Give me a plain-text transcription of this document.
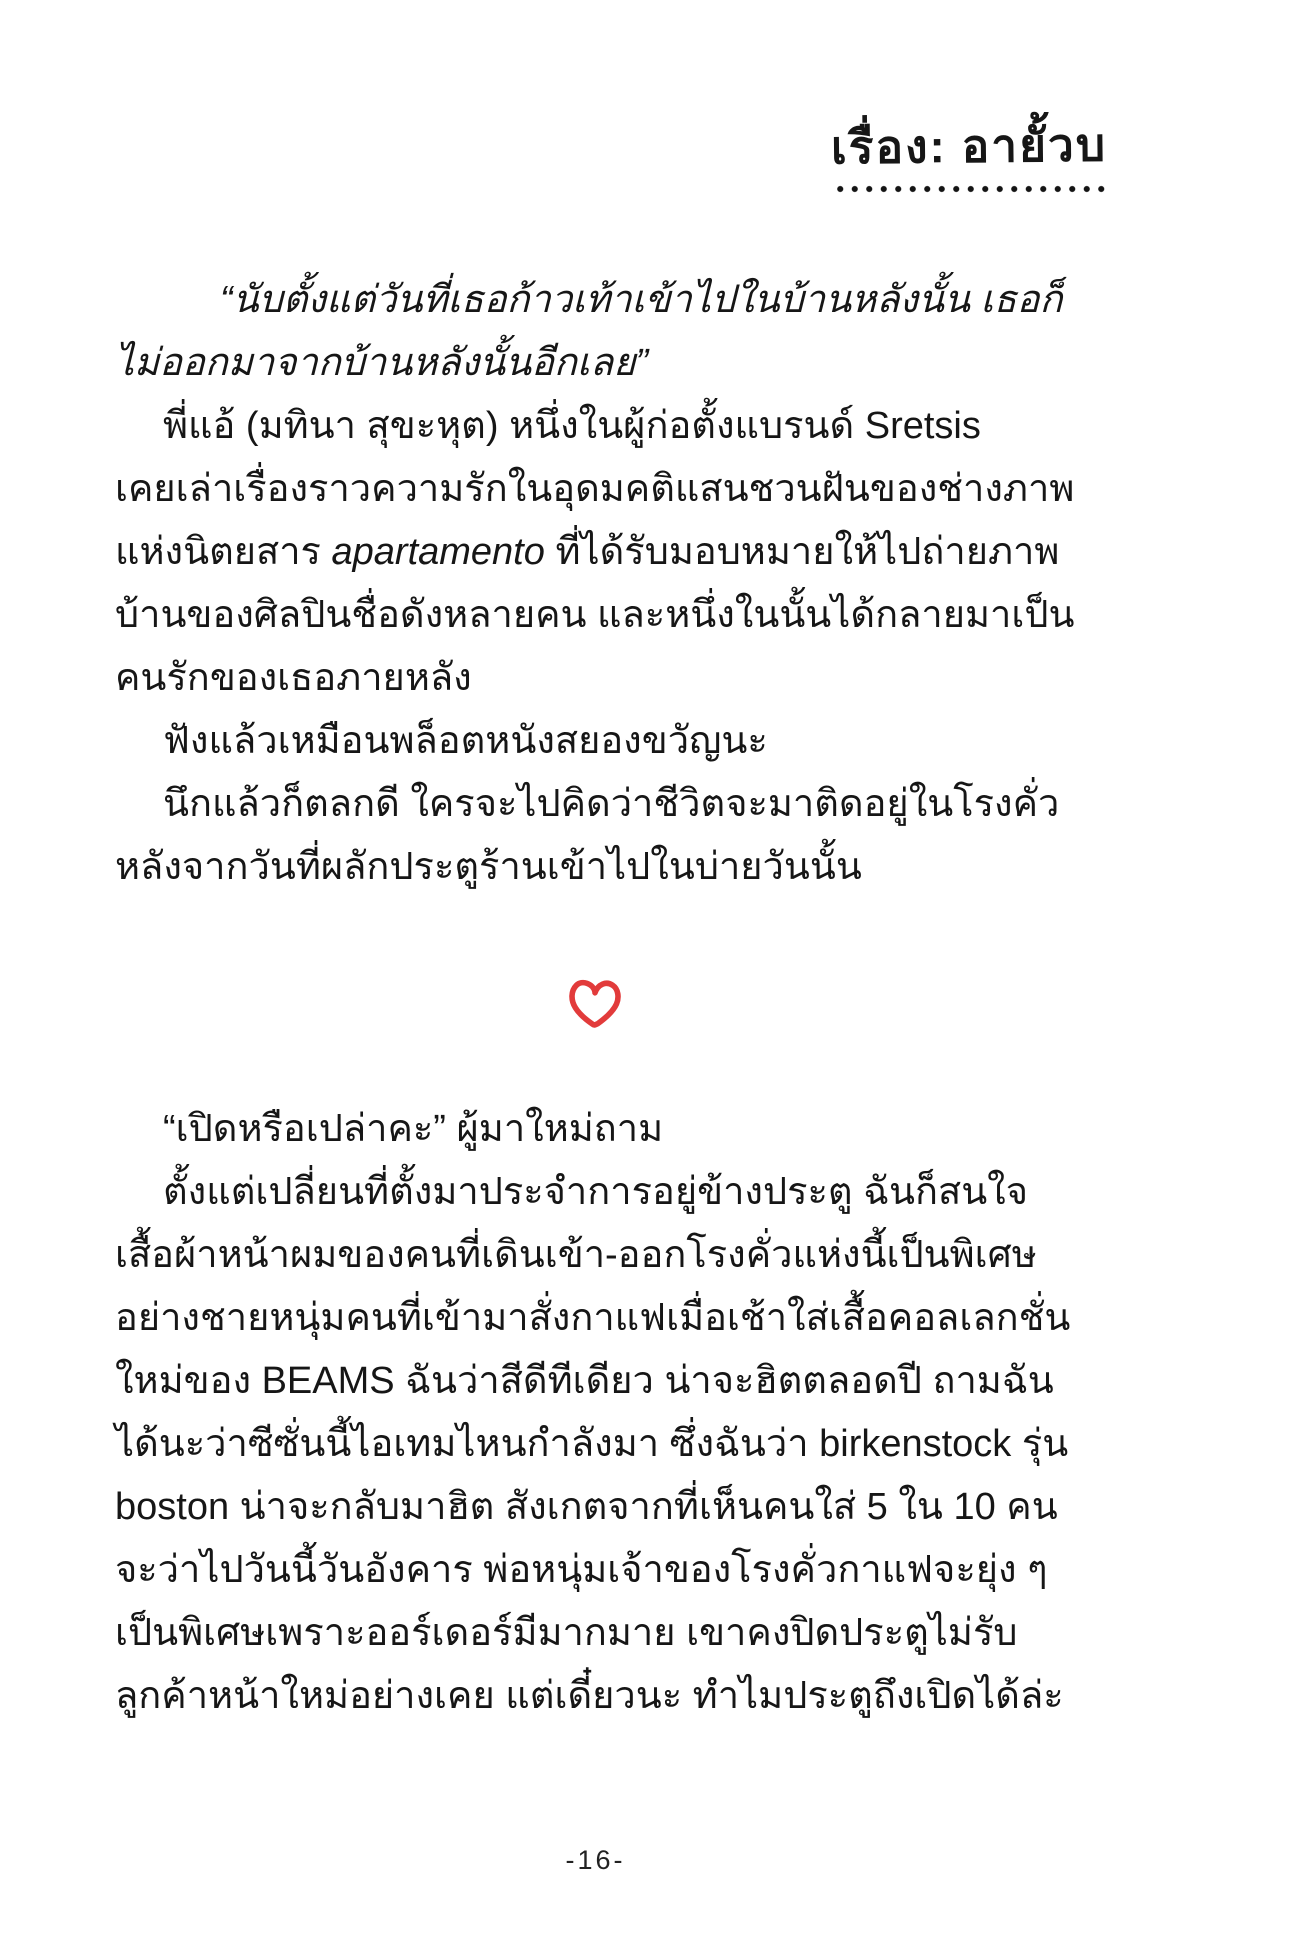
เรื่อง: อายั้วบ
“นับตั้งแต่วันที่เธอก้าวเท้าเข้าไปในบ้านหลังนั้น เธอก็
ไม่ออกมาจากบ้านหลังนั้นอีกเลย”
พี่แอ้ (มทินา สุขะหุต) หนึ่งในผู้ก่อตั้งแบรนด์ Sretsis
เคยเล่าเรื่องราวความรักในอุดมคติแสนชวนฝันของช่างภาพ
แห่งนิตยสาร apartamento ที่ได้รับมอบหมายให้ไปถ่ายภาพ
บ้านของศิลปินชื่อดังหลายคน และหนึ่งในนั้นได้กลายมาเป็น
คนรักของเธอภายหลัง
ฟังแล้วเหมือนพล็อตหนังสยองขวัญนะ
นึกแล้วก็ตลกดี ใครจะไปคิดว่าชีวิตจะมาติดอยู่ในโรงคั่ว
หลังจากวันที่ผลักประตูร้านเข้าไปในบ่ายวันนั้น
“เปิดหรือเปล่าคะ” ผู้มาใหม่ถาม
ตั้งแต่เปลี่ยนที่ตั้งมาประจำการอยู่ข้างประตู ฉันก็สนใจ
เสื้อผ้าหน้าผมของคนที่เดินเข้า-ออกโรงคั่วแห่งนี้เป็นพิเศษ
อย่างชายหนุ่มคนที่เข้ามาสั่งกาแฟเมื่อเช้าใส่เสื้อคอลเลกชั่น
ใหม่ของ BEAMS ฉันว่าสีดีทีเดียว น่าจะฮิตตลอดปี ถามฉัน
ได้นะว่าซีซั่นนี้ไอเทมไหนกำลังมา ซึ่งฉันว่า birkenstock รุ่น
boston น่าจะกลับมาฮิต สังเกตจากที่เห็นคนใส่ 5 ใน 10 คน
จะว่าไปวันนี้วันอังคาร พ่อหนุ่มเจ้าของโรงคั่วกาแฟจะยุ่ง ๆ
เป็นพิเศษเพราะออร์เดอร์มีมากมาย เขาคงปิดประตูไม่รับ
ลูกค้าหน้าใหม่อย่างเคย แต่เดี๋ยวนะ ทำไมประตูถึงเปิดได้ล่ะ
-16-
